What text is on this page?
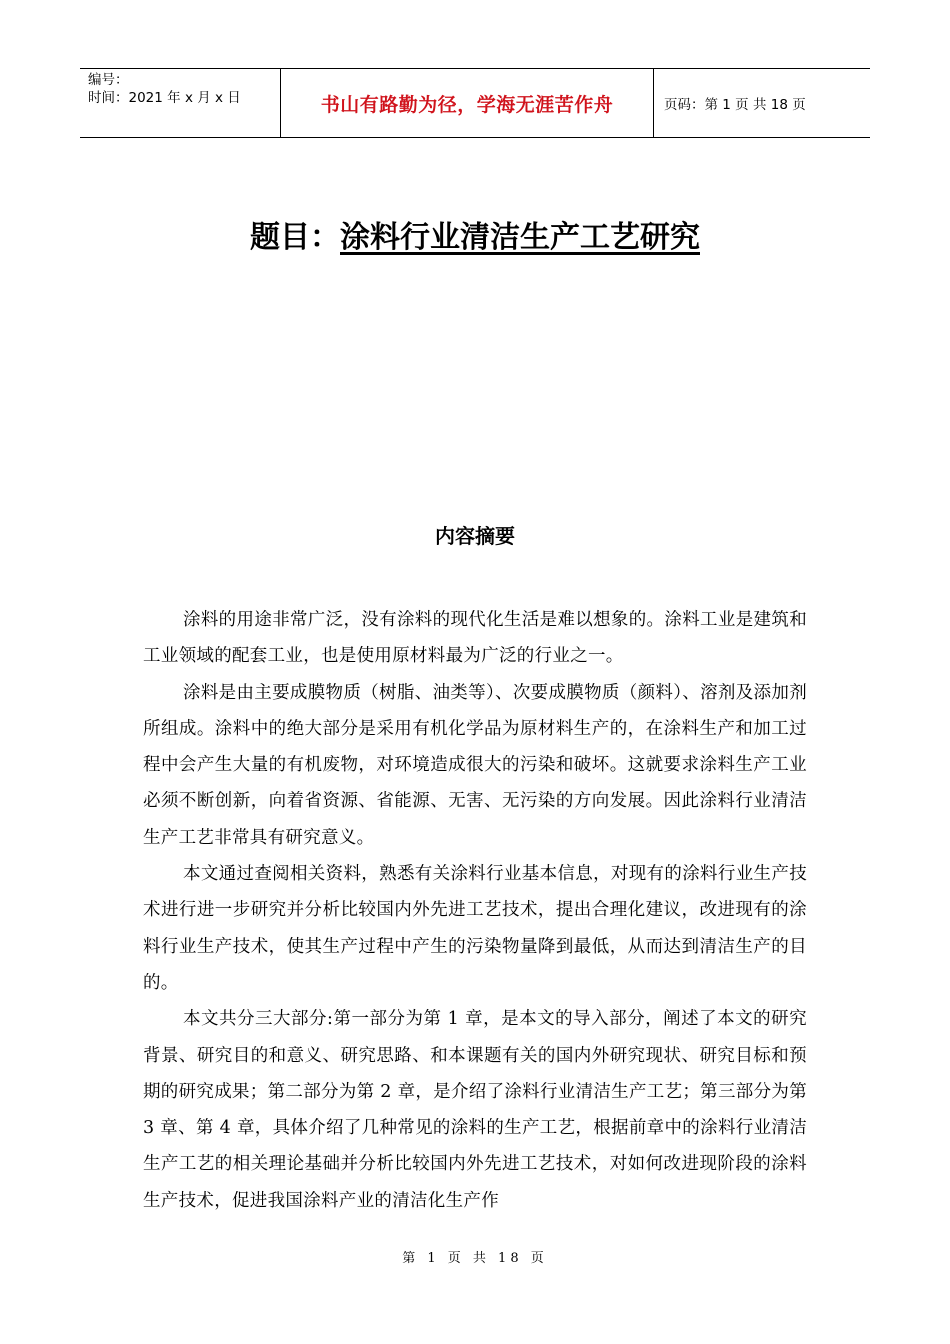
编号：
时间：2021 年 x 月 x 日	书山有路勤为径，学海无涯苦作舟	页码：第 1 页 共 18 页
题目：涂料行业清洁生产工艺研究
内容摘要

涂料的用途非常广泛，没有涂料的现代化生活是难以想象的。涂料工业是建筑和工业领域的配套工业，也是使用原材料最为广泛的行业之一。

涂料是由主要成膜物质（树脂、油类等）、次要成膜物质（颜料）、溶剂及添加剂所组成。涂料中的绝大部分是采用有机化学品为原材料生产的，在涂料生产和加工过程中会产生大量的有机废物，对环境造成很大的污染和破坏。这就要求涂料生产工业必须不断创新，向着省资源、省能源、无害、无污染的方向发展。因此涂料行业清洁生产工艺非常具有研究意义。

本文通过查阅相关资料，熟悉有关涂料行业基本信息，对现有的涂料行业生产技术进行进一步研究并分析比较国内外先进工艺技术，提出合理化建议，改进现有的涂料行业生产技术，使其生产过程中产生的污染物量降到最低，从而达到清洁生产的目的。

本文共分三大部分:第一部分为第 1 章，是本文的导入部分，阐述了本文的研究背景、研究目的和意义、研究思路、和本课题有关的国内外研究现状、研究目标和预期的研究成果；第二部分为第 2 章，是介绍了涂料行业清洁生产工艺；第三部分为第 3 章、第 4 章，具体介绍了几种常见的涂料的生产工艺，根据前章中的涂料行业清洁生产工艺的相关理论基础并分析比较国内外先进工艺技术，对如何改进现阶段的涂料生产技术，促进我国涂料产业的清洁化生产作

第 1 页 共 18 页
